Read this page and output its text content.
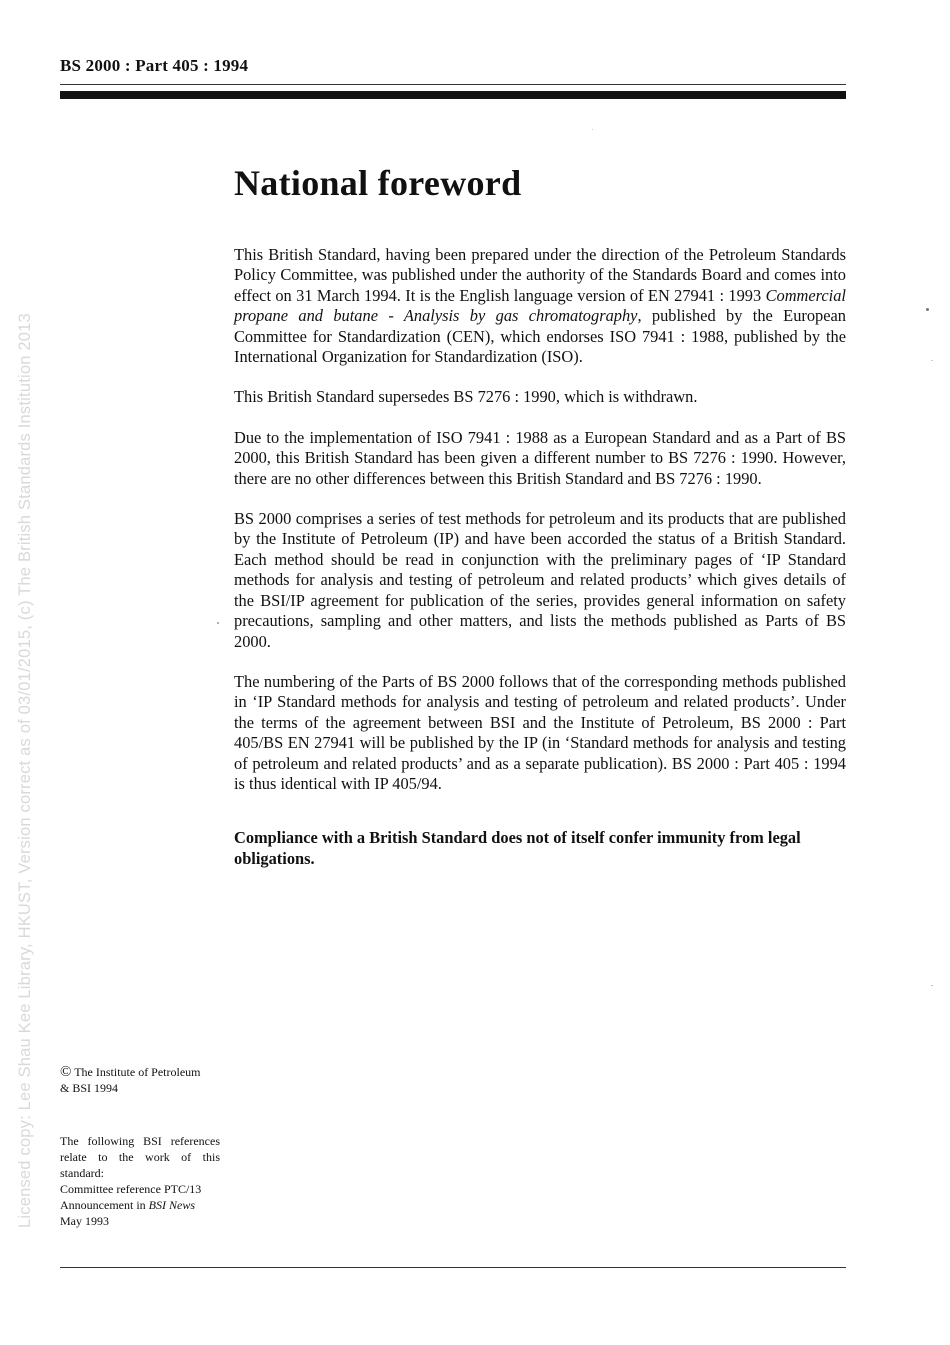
BS 2000 : Part 405 : 1994
Licensed copy: Lee Shau Kee Library, HKUST, Version correct as of 03/01/2015, (c) The British Standards Institution 2013
National foreword

This British Standard, having been prepared under the direction of the Petroleum Standards Policy Committee, was published under the authority of the Standards Board and comes into effect on 31 March 1994. It is the English language version of EN 27941 : 1993 Commercial propane and butane - Analysis by gas chromatography, published by the European Committee for Standardization (CEN), which endorses ISO 7941 : 1988, published by the International Organization for Standardization (ISO).

This British Standard supersedes BS 7276 : 1990, which is withdrawn.

Due to the implementation of ISO 7941 : 1988 as a European Standard and as a Part of BS 2000, this British Standard has been given a different number to BS 7276 : 1990. However, there are no other differences between this British Standard and BS 7276 : 1990.

BS 2000 comprises a series of test methods for petroleum and its products that are published by the Institute of Petroleum (IP) and have been accorded the status of a British Standard. Each method should be read in conjunction with the preliminary pages of ‘IP Standard methods for analysis and testing of petroleum and related products’ which gives details of the BSI/IP agreement for publication of the series, provides general information on safety precautions, sampling and other matters, and lists the methods published as Parts of BS 2000.

The numbering of the Parts of BS 2000 follows that of the corresponding methods published in ‘IP Standard methods for analysis and testing of petroleum and related products’. Under the terms of the agreement between BSI and the Institute of Petroleum, BS 2000 : Part 405/BS EN 27941 will be published by the IP (in ‘Standard methods for analysis and testing of petroleum and related products’ and as a separate publication). BS 2000 : Part 405 : 1994 is thus identical with IP 405/94.

Compliance with a British Standard does not of itself confer immunity from legal obligations.

© The Institute of Petroleum
& BSI 1994
The following BSI references relate to the work of this standard:
Committee reference PTC/13
Announcement in BSI News
May 1993
